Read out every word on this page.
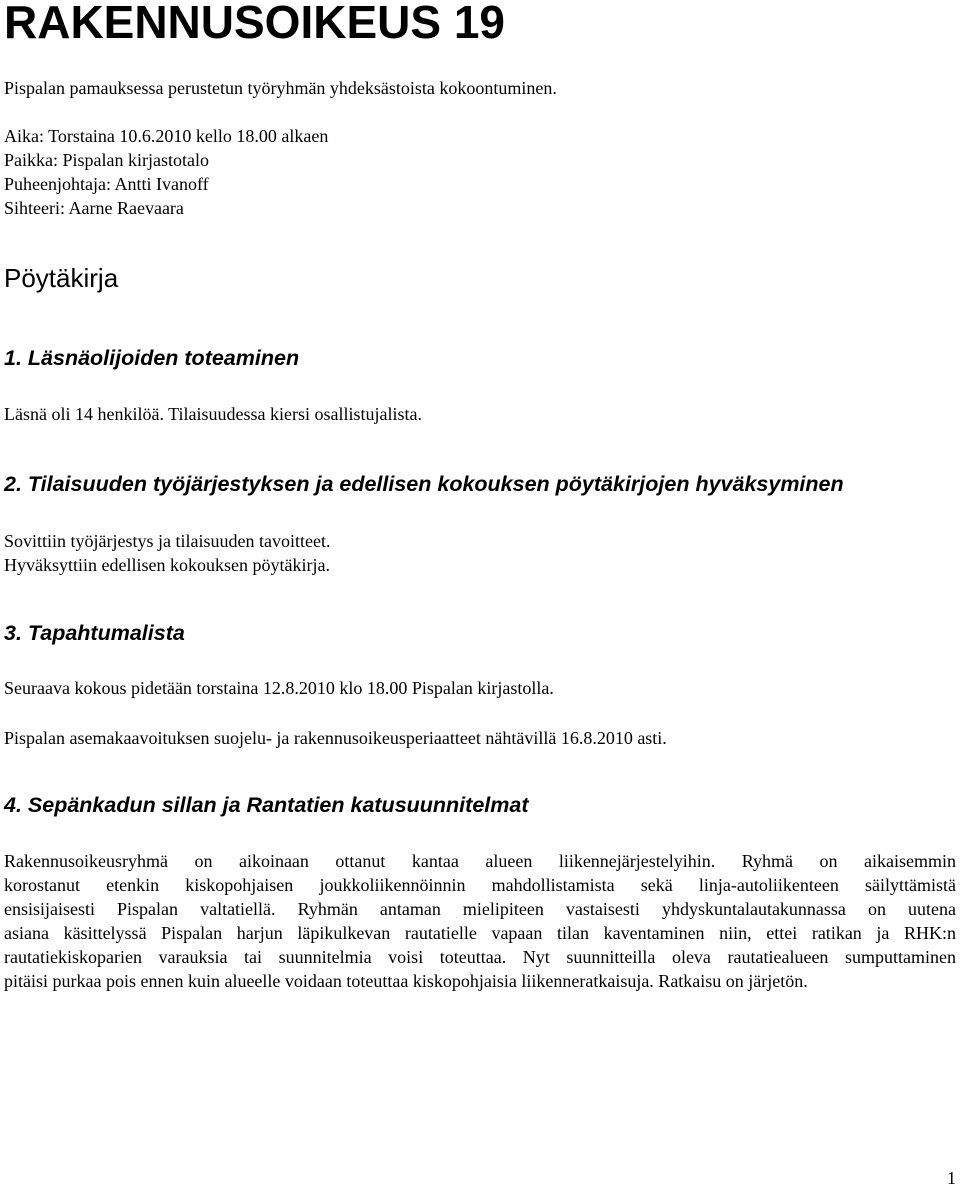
RAKENNUSOIKEUS 19

Pispalan pamauksessa perustetun työryhmän yhdeksästoista kokoontuminen.

Aika: Torstaina 10.6.2010 kello 18.00 alkaen
Paikka: Pispalan kirjastotalo
Puheenjohtaja: Antti Ivanoff
Sihteeri: Aarne Raevaara
Pöytäkirja
1. Läsnäolijoiden toteaminen
Läsnä oli 14 henkilöä. Tilaisuudessa kiersi osallistujalista.
2. Tilaisuuden työjärjestyksen ja edellisen kokouksen pöytäkirjojen hyväksyminen
Sovittiin työjärjestys ja tilaisuuden tavoitteet.
Hyväksyttiin edellisen kokouksen pöytäkirja.
3. Tapahtumalista
Seuraava kokous pidetään torstaina 12.8.2010 klo 18.00 Pispalan kirjastolla.
Pispalan asemakaavoituksen suojelu- ja rakennusoikeusperiaatteet nähtävillä 16.8.2010 asti.
4. Sepänkadun sillan ja Rantatien katusuunnitelmat
Rakennusoikeusryhmä on aikoinaan ottanut kantaa alueen liikennejärjestelyihin. Ryhmä on aikaisemmin
korostanut etenkin kiskopohjaisen joukkoliikennöinnin mahdollistamista sekä linja-autoliikenteen säilyttämistä
ensisijaisesti Pispalan valtatiellä. Ryhmän antaman mielipiteen vastaisesti yhdyskuntalautakunnassa on uutena
asiana käsittelyssä Pispalan harjun läpikulkevan rautatielle vapaan tilan kaventaminen niin, ettei ratikan ja RHK:n
rautatiekiskoparien varauksia tai suunnitelmia voisi toteuttaa. Nyt suunnitteilla oleva rautatiealueen sumputtaminen
pitäisi purkaa pois ennen kuin alueelle voidaan toteuttaa kiskopohjaisia liikenneratkaisuja. Ratkaisu on järjetön.
1
